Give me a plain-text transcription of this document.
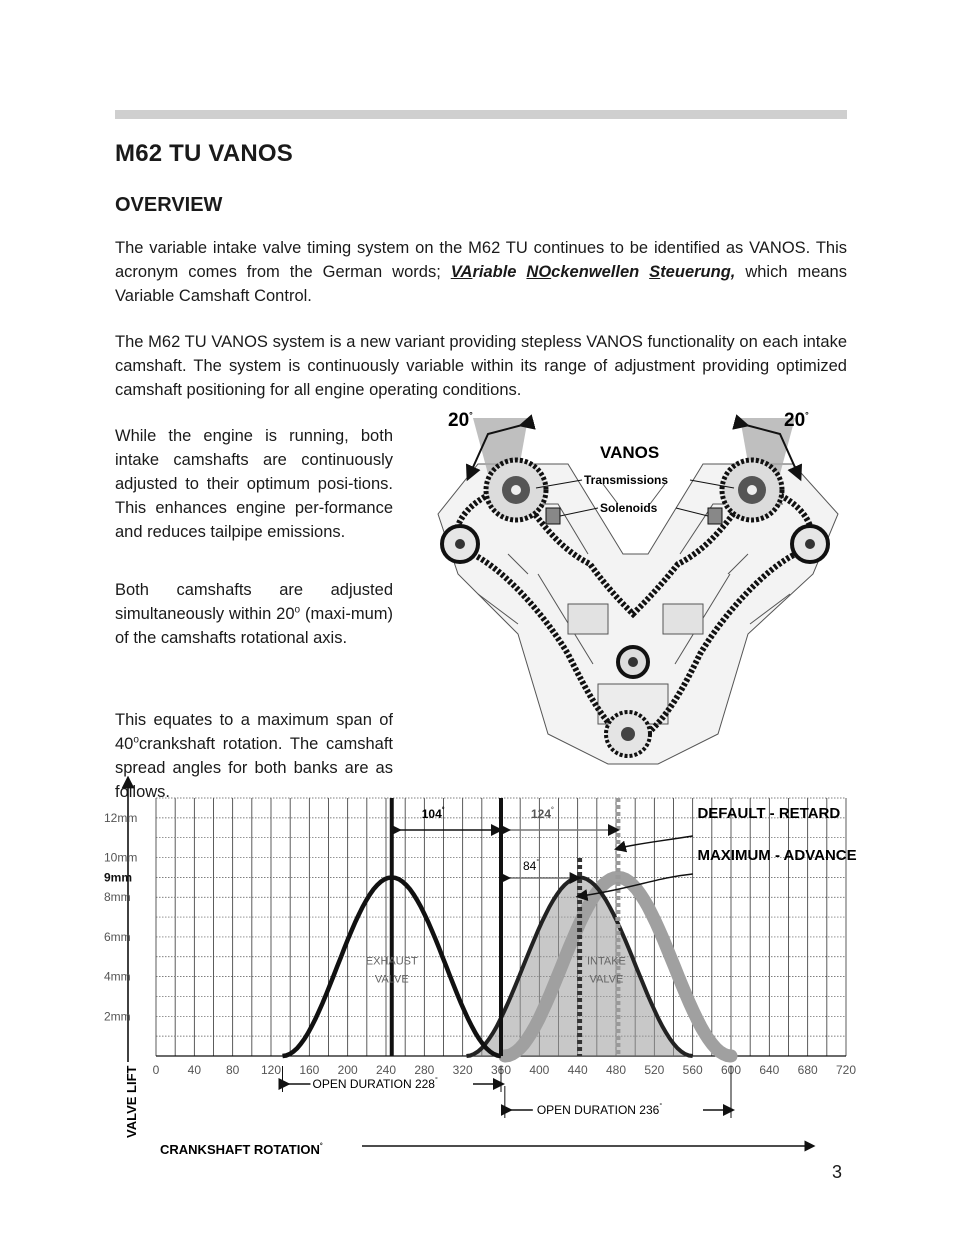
M62 TU VANOS
OVERVIEW

The variable intake valve timing system on the M62 TU continues to be identified as VANOS. This acronym comes from the German words; VAriable NOckenwellen Steuerung, which means Variable Camshaft Control.

The M62 TU VANOS system is a new variant providing stepless VANOS functionality on each intake camshaft. The system is continuously variable within its range of adjustment providing optimized camshaft positioning for all engine operating conditions.

While the engine is running, both intake camshafts are continuously adjusted to their optimum posi-tions. This enhances engine per-formance and reduces tailpipe emissions.

Both camshafts are adjusted simultaneously within 20$^o$ (maxi-mum) of the camshafts rotational axis.

This equates to a maximum span of 40$^o$crankshaft rotation. The camshaft spread angles for both banks are as follows.

20°	20°
VANOS
Transmissions
Solenoids
2mm
4mm
6mm
8mm
9mm
10mm
12mm
0 40 80 120 160 200 240 280 320 360 400 440 480 520 560 600 640 680 720
104°	124°
84°
DEFAULT - RETARD
MAXIMUM - ADVANCE
EXHAUST
VALVE
INTAKE
VALVE
OPEN DURATION 228°
OPEN DURATION 236°
CRANKSHAFT ROTATION°
VALVE LIFT
3
